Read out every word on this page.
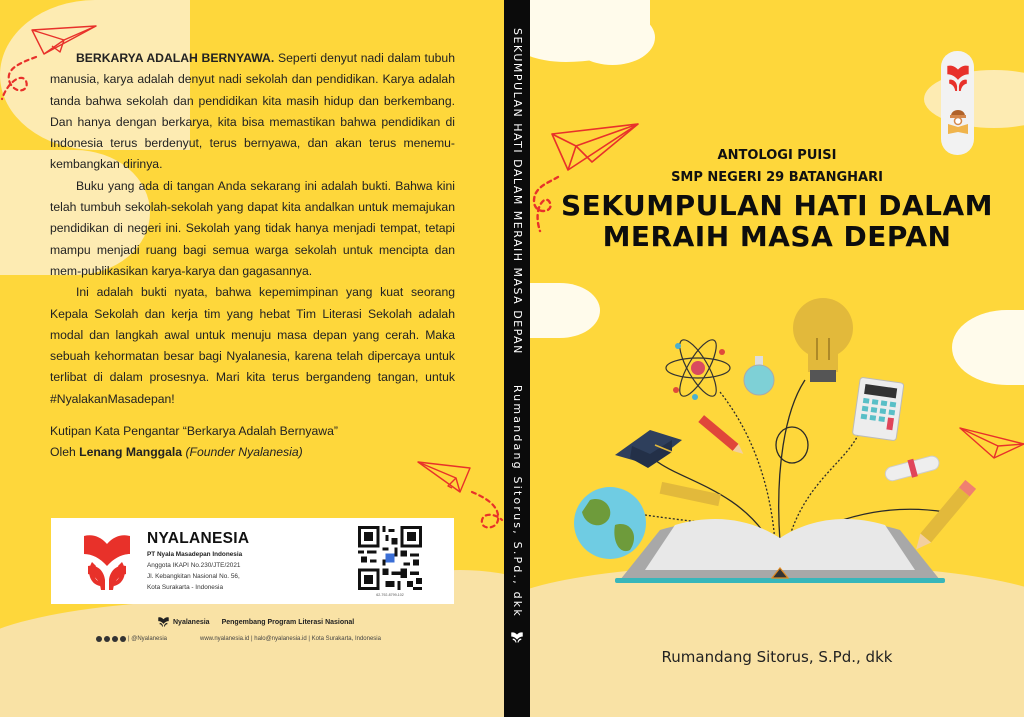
BERKARYA ADALAH BERNYAWA. Seperti denyut nadi dalam tubuh manusia, karya adalah denyut nadi sekolah dan pendidikan. Karya adalah tanda bahwa sekolah dan pendidikan kita masih hidup dan berkembang. Dan hanya dengan berkarya, kita bisa memastikan bahwa pendidikan di Indonesia terus berdenyut, terus bernyawa, dan akan terus menemu-kembangkan dirinya.

Buku yang ada di tangan Anda sekarang ini adalah bukti. Bahwa kini telah tumbuh sekolah-sekolah yang dapat kita andalkan untuk memajukan pendidikan di negeri ini. Sekolah yang tidak hanya menjadi tempat, tetapi mampu menjadi ruang bagi semua warga sekolah untuk mencipta dan mem-publikasikan karya-karya dan gagasannya.

Ini adalah bukti nyata, bahwa kepemimpinan yang kuat seorang Kepala Sekolah dan kerja tim yang hebat Tim Literasi Sekolah adalah modal dan langkah awal untuk menuju masa depan yang cerah. Maka sebuah kehormatan besar bagi Nyalanesia, karena telah dipercaya untuk terlibat di dalam prosesnya. Mari kita terus bergandeng tangan, untuk #NyalakanMasadepan!

Kutipan Kata Pengantar “Berkarya Adalah Bernyawa”
Oleh Lenang Manggala (Founder Nyalanesia)
NYALANESIA
PT Nyala Masadepan Indonesia
Anggota IKAPI No.230/JTE/2021
Jl. Kebangkitan Nasional No. 56,
Kota Surakarta - Indonesia
62-792-8799-102
Nyalanesia Pengembang Program Literasi Nasional
| @Nyalanesia	www.nyalanesia.id | halo@nyalanesia.id | Kota Surakarta, Indonesia
SEKUMPULAN HATI DALAM MERAIH MASA DEPAN
Rumandang Sitorus, S.Pd., dkk
ANTOLOGI PUISI
SMP NEGERI 29 BATANGHARI
SEKUMPULAN HATI DALAM
MERAIH MASA DEPAN
Rumandang Sitorus, S.Pd., dkk
